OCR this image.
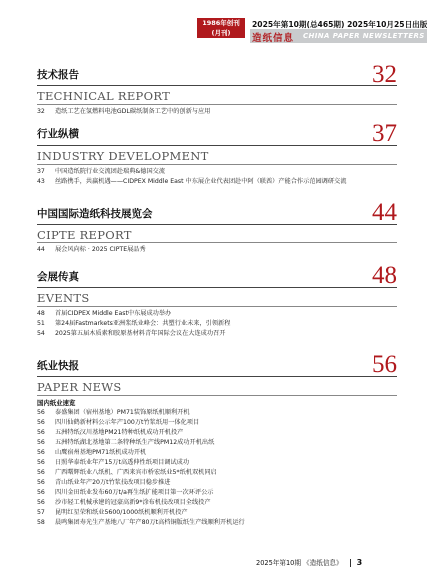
1986年创刊
(月刊)
2025年第10期(总465期) 2025年10月25日出版
造纸信息 CHINA PAPER NEWSLETTERS
技术报告	32
TECHNICAL REPORT
32	造纸工艺在氢燃料电池GDL碳纸制备工艺中的创新与应用
行业纵横	37
INDUSTRY DEVELOPMENT
37	中国造纸院行业交流团赴瑞典&德国交流
43	丝路携手，共赢机遇——CIDPEX Middle East 中东展企业代表团赴中阿（联酋）产能合作示范园调研交流
中国国际造纸科技展览会	44
CIPTE REPORT
44	展会风向标 · 2025 CIPTE展品秀
会展传真	48
EVENTS
48	首届CIDPEX Middle East中东展成功举办
51	第24届Fastmarkets亚洲浆纸业峰会：共塑行业未来，引领新程
54	2025第五届木质素和胶原基材料青年国际会议在大连成功召开
纸业快报	56
PAPER NEWS
国内纸业速览
56	泰盛集团（宿州基地）PM71装饰原纸机顺利开机
56	四川仙鹤新材料公示年产100万t竹浆纸用一体化项目
56	五洲特纸汉川基地PM21特种纸机成功开机投产
56	五洲特纸湖北基地第二条特种纸生产线PM12成功开机出纸
56	山鹰宿州基地PM71纸机成功开机
56	日照华泰纸业年产15万t高透伸性纸项目调试成功
56	广西曙辉纸业八纸机、广西来宾市桥宏纸业5*纸机双机同启
56	青山纸业年产20万t竹浆技改项目稳步推进
56	四川金田纸业发布60万t/a再生纸扩能项目第一次环评公示
56	沙市轻工机械承建的冠豪高新9*涂布机技改项目全线投产
57	昆明红星荣和纸业5600/1000纸机顺利开机投产
58	晨鸣集团寿光生产基地八厂年产80万t高档铜版纸生产线顺利开机运行
2025年第10期 《造纸信息》 3
